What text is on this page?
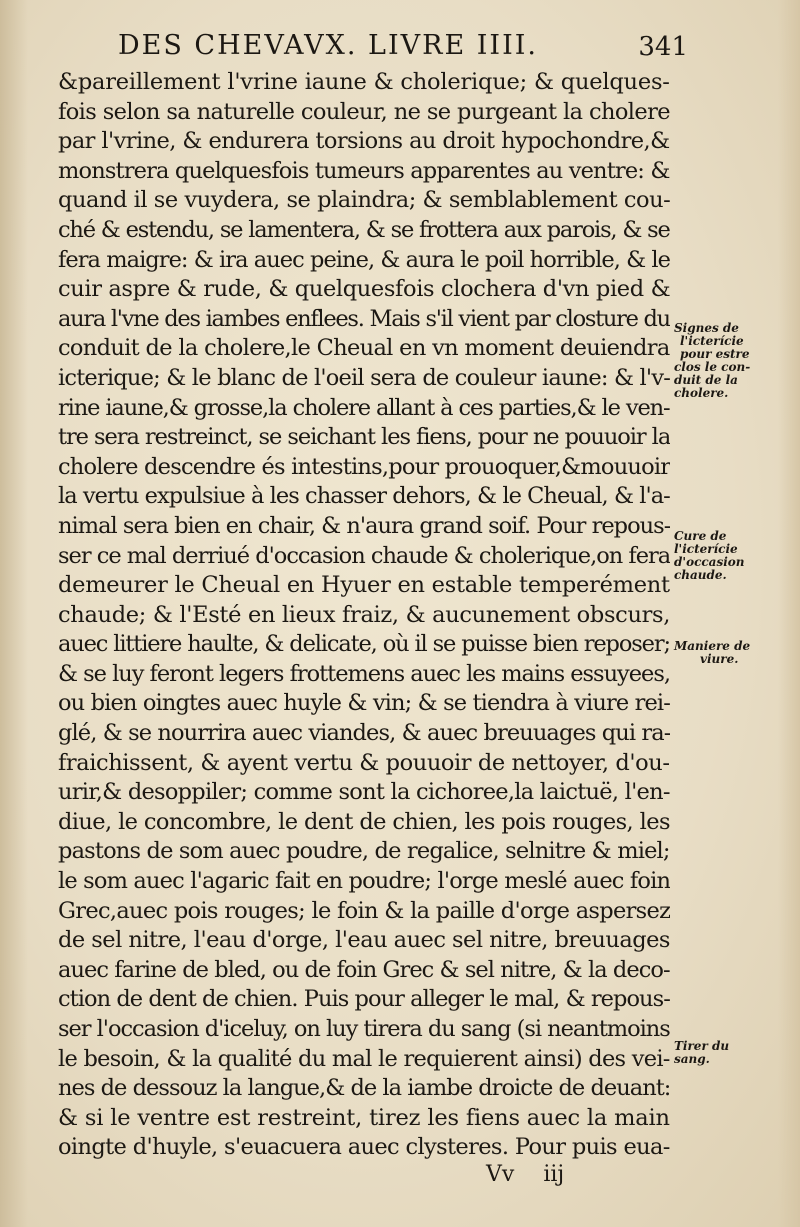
DES CHEVAVX. LIVRE IIII.	341
&pareillement l'vrine iaune & cholerique; & quelques-
fois selon sa naturelle couleur, ne se purgeant la cholere
par l'vrine, & endurera torsions au droit hypochondre,&
monstrera quelquesfois tumeurs apparentes au ventre: &
quand il se vuydera, se plaindra; & semblablement cou-
ché & estendu, se lamentera, & se frottera aux parois, & se
fera maigre: & ira auec peine, & aura le poil horrible, & le
cuir aspre & rude, & quelquesfois clochera d'vn pied &
aura l'vne des iambes enflees. Mais s'il vient par closture du
conduit de la cholere,le Cheual en vn moment deuiendra
icterique; & le blanc de l'oeil sera de couleur iaune: & l'v-
rine iaune,& grosse,la cholere allant à ces parties,& le ven-
tre sera restreinct, se seichant les fiens, pour ne pouuoir la
cholere descendre és intestins,pour prouoquer,&mouuoir
la vertu expulsiue à les chasser dehors, & le Cheual, & l'a-
nimal sera bien en chair, & n'aura grand soif. Pour repous-
ser ce mal derriué d'occasion chaude & cholerique,on fera
demeurer le Cheual en Hyuer en estable temperément
chaude; & l'Esté en lieux fraiz, & aucunement obscurs,
auec littiere haulte, & delicate, où il se puisse bien reposer;
& se luy feront legers frottemens auec les mains essuyees,
ou bien oingtes auec huyle & vin; & se tiendra à viure rei-
glé, & se nourrira auec viandes, & auec breuuages qui ra-
fraichissent, & ayent vertu & pouuoir de nettoyer, d'ou-
urir,& desoppiler; comme sont la cichoree,la laictuë, l'en-
diue, le concombre, le dent de chien, les pois rouges, les
pastons de som auec poudre, de regalice, selnitre & miel;
le som auec l'agaric fait en poudre; l'orge meslé auec foin
Grec,auec pois rouges; le foin & la paille d'orge aspersez
de sel nitre, l'eau d'orge, l'eau auec sel nitre, breuuages
auec farine de bled, ou de foin Grec & sel nitre, & la deco-
ction de dent de chien. Puis pour alleger le mal, & repous-
ser l'occasion d'iceluy, on luy tirera du sang (si neantmoins
le besoin, & la qualité du mal le requierent ainsi) des vei-
nes de dessouz la langue,& de la iambe droicte de deuant:
& si le ventre est restreint, tirez les fiens auec la main
oingte d'huyle, s'euacuera auec clysteres. Pour puis eua-
Signes de
l'icterície
pour estre
clos le con-
duit de la
cholere.
Cure de
l'icterície
d'occasion
chaude.
Maniere de
viure.
Tirer du
sang.
Vv iij
